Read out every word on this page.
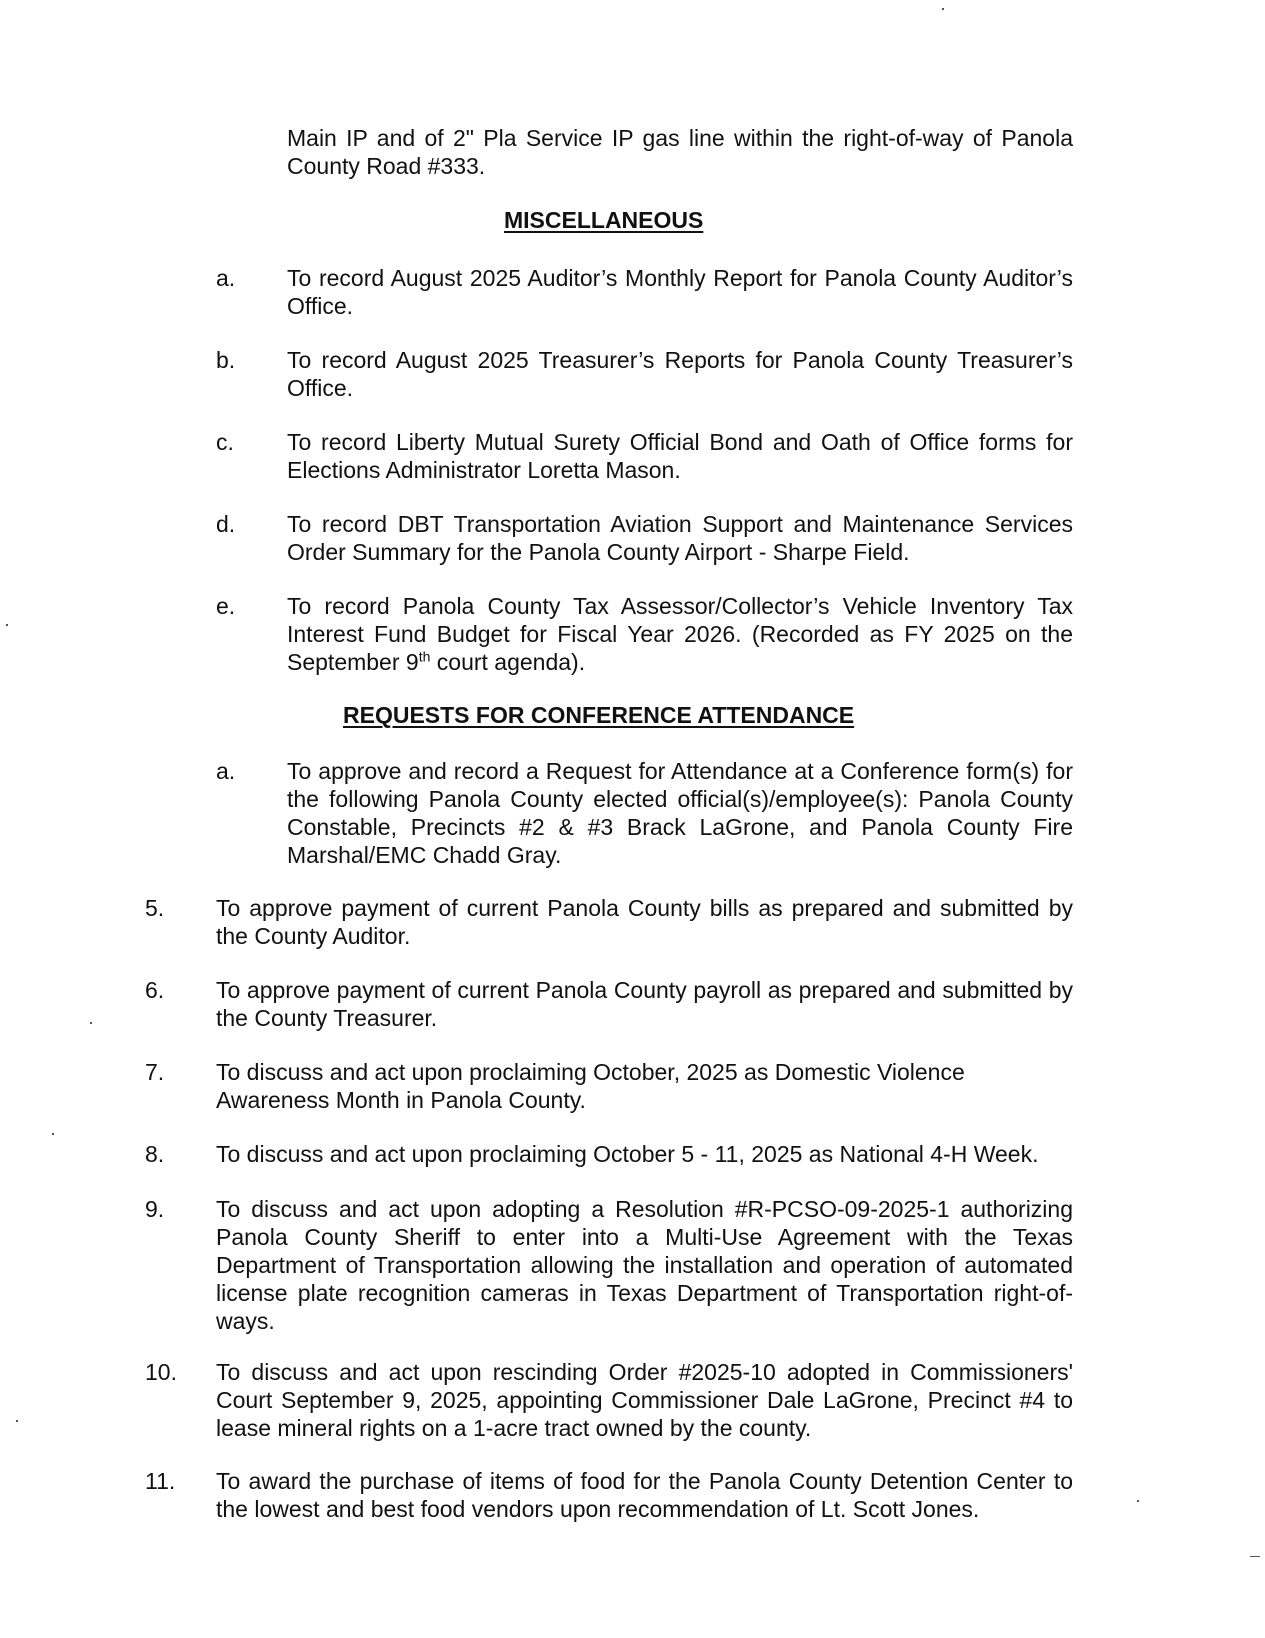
Main IP and of 2" Pla Service IP gas line within the right-of-way of Panola County Road #333.
MISCELLANEOUS
a. To record August 2025 Auditor’s Monthly Report for Panola County Auditor’s Office.
b. To record August 2025 Treasurer’s Reports for Panola County Treasurer’s Office.
c. To record Liberty Mutual Surety Official Bond and Oath of Office forms for Elections Administrator Loretta Mason.
d. To record DBT Transportation Aviation Support and Maintenance Services Order Summary for the Panola County Airport - Sharpe Field.
e. To record Panola County Tax Assessor/Collector’s Vehicle Inventory Tax Interest Fund Budget for Fiscal Year 2026. (Recorded as FY 2025 on the September 9th court agenda).
REQUESTS FOR CONFERENCE ATTENDANCE
a. To approve and record a Request for Attendance at a Conference form(s) for the following Panola County elected official(s)/employee(s): Panola County Constable, Precincts #2 & #3 Brack LaGrone, and Panola County Fire Marshal/EMC Chadd Gray.
5. To approve payment of current Panola County bills as prepared and submitted by the County Auditor.
6. To approve payment of current Panola County payroll as prepared and submitted by the County Treasurer.
7. To discuss and act upon proclaiming October, 2025 as Domestic Violence Awareness Month in Panola County.
8. To discuss and act upon proclaiming October 5 - 11, 2025 as National 4-H Week.
9. To discuss and act upon adopting a Resolution #R-PCSO-09-2025-1 authorizing Panola County Sheriff to enter into a Multi-Use Agreement with the Texas Department of Transportation allowing the installation and operation of automated license plate recognition cameras in Texas Department of Transportation right-of-ways.
10. To discuss and act upon rescinding Order #2025-10 adopted in Commissioners' Court September 9, 2025, appointing Commissioner Dale LaGrone, Precinct #4 to lease mineral rights on a 1-acre tract owned by the county.
11. To award the purchase of items of food for the Panola County Detention Center to the lowest and best food vendors upon recommendation of Lt. Scott Jones.
